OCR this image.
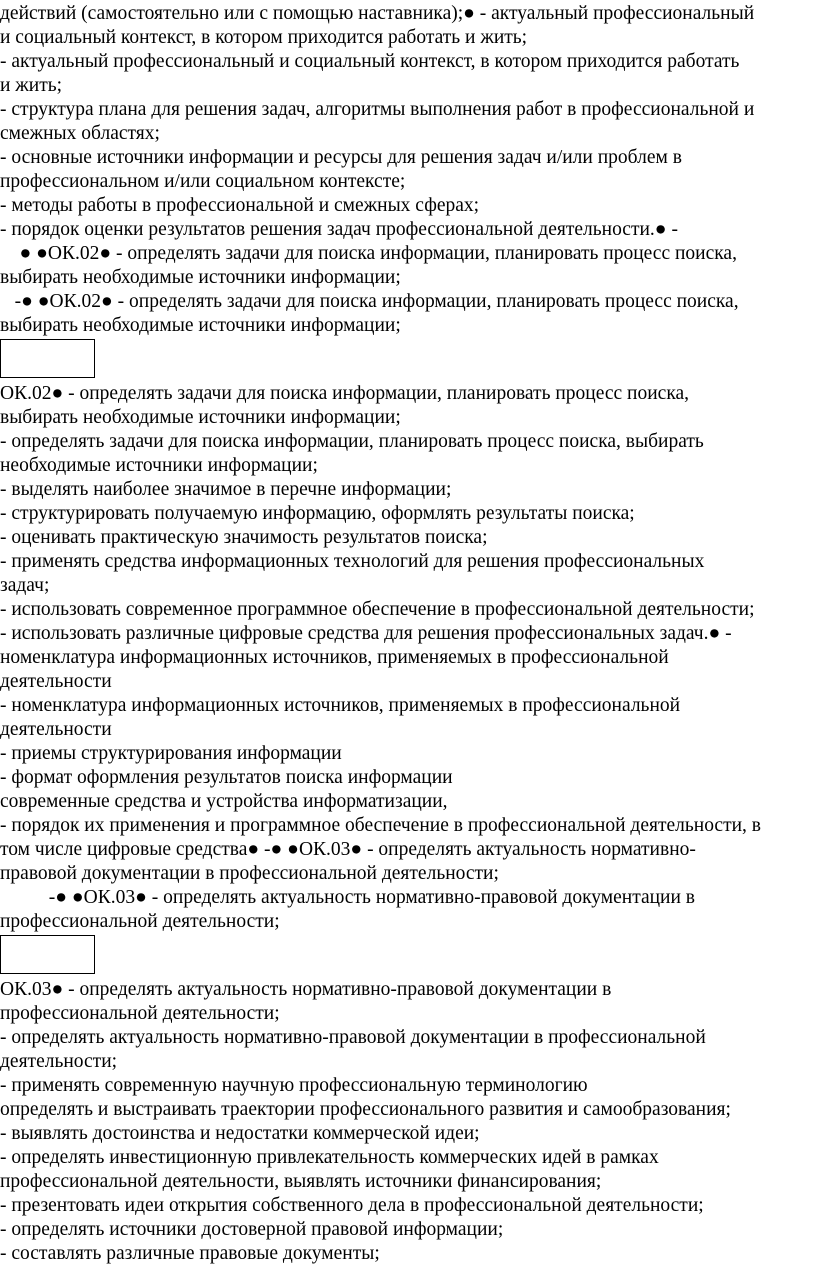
действий (самостоятельно или с помощью наставника);● - актуальный профессиональный
и социальный контекст, в котором приходится работать и жить;
- актуальный профессиональный и социальный контекст, в котором приходится работать
и жить;
- структура плана для решения задач, алгоритмы выполнения работ в профессиональной и
смежных областях;
- основные источники информации и ресурсы для решения задач и/или проблем в
профессиональном и/или социальном контексте;
- методы работы в профессиональной и смежных сферах;
- порядок оценки результатов решения задач профессиональной деятельности.● -
● ●ОК.02● - определять задачи для поиска информации, планировать процесс поиска,
выбирать необходимые источники информации;
-● ●ОК.02● - определять задачи для поиска информации, планировать процесс поиска,
выбирать необходимые источники информации;
ОК.02● - определять задачи для поиска информации, планировать процесс поиска,
выбирать необходимые источники информации;
- определять задачи для поиска информации, планировать процесс поиска, выбирать
необходимые источники информации;
- выделять наиболее значимое в перечне информации;
- структурировать получаемую информацию, оформлять результаты поиска;
- оценивать практическую значимость результатов поиска;
- применять средства информационных технологий для решения профессиональных
задач;
- использовать современное программное обеспечение в профессиональной деятельности;
- использовать различные цифровые средства для решения профессиональных задач.● -
номенклатура информационных источников, применяемых в профессиональной
деятельности
- номенклатура информационных источников, применяемых в профессиональной
деятельности
- приемы структурирования информации
- формат оформления результатов поиска информации
современные средства и устройства информатизации,
- порядок их применения и программное обеспечение в профессиональной деятельности, в
том числе цифровые средства● -● ●ОК.03● - определять актуальность нормативно-
правовой документации в профессиональной деятельности;
-● ●ОК.03● - определять актуальность нормативно-правовой документации в
профессиональной деятельности;
ОК.03● - определять актуальность нормативно-правовой документации в
профессиональной деятельности;
- определять актуальность нормативно-правовой документации в профессиональной
деятельности;
- применять современную научную профессиональную терминологию
определять и выстраивать траектории профессионального развития и самообразования;
- выявлять достоинства и недостатки коммерческой идеи;
- определять инвестиционную привлекательность коммерческих идей в рамках
профессиональной деятельности, выявлять источники финансирования;
- презентовать идеи открытия собственного дела в профессиональной деятельности;
- определять источники достоверной правовой информации;
- составлять различные правовые документы;
